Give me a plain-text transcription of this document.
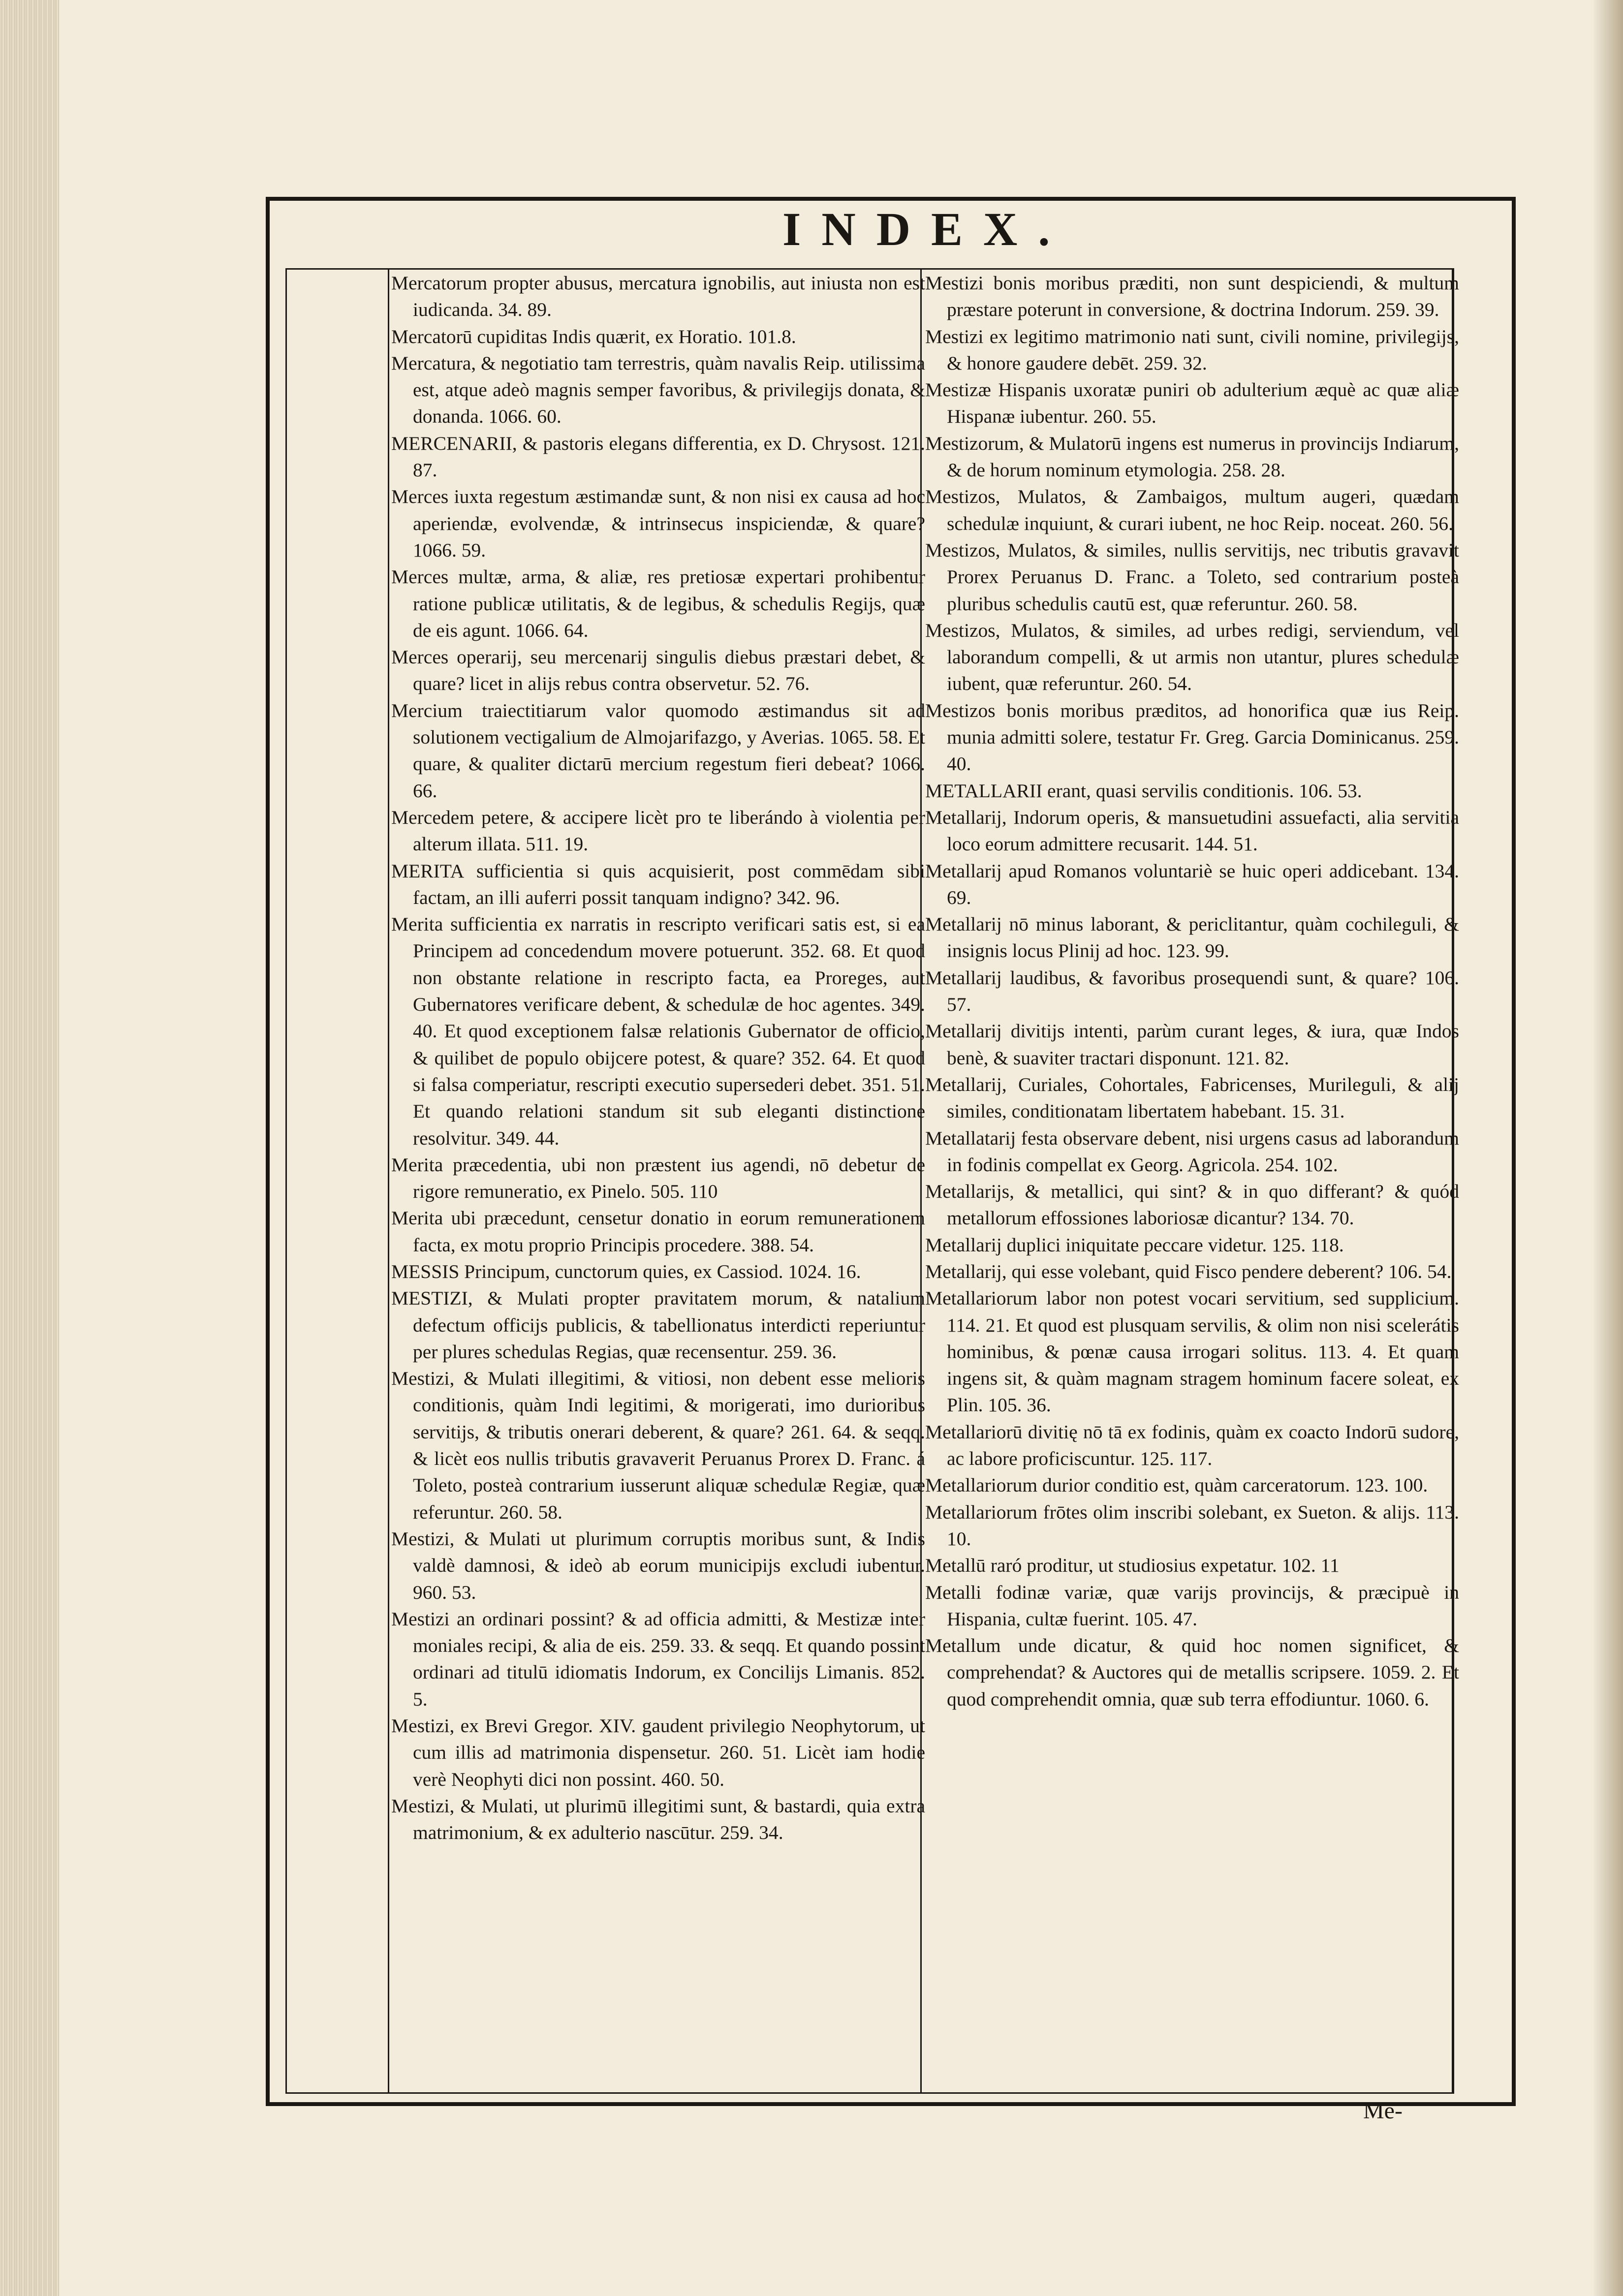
INDEX.

Mercatorum propter abusus, mercatura ignobilis, aut iniusta non est iudicanda. 34. 89.

Mercatorū cupiditas Indis quærit, ex Horatio. 101.8.

Mercatura, & negotiatio tam terrestris, quàm navalis Reip. utilissima est, atque adeò magnis semper favoribus, & privilegijs donata, & donanda. 1066. 60.

MERCENARII, & pastoris elegans differentia, ex D. Chrysost. 121. 87.

Merces iuxta regestum æstimandæ sunt, & non nisi ex causa ad hoc aperiendæ, evolvendæ, & intrinsecus inspiciendæ, & quare? 1066. 59.

Merces multæ, arma, & aliæ, res pretiosæ expertari prohibentur ratione publicæ utilitatis, & de legibus, & schedulis Regijs, quæ de eis agunt. 1066. 64.

Merces operarij, seu mercenarij singulis diebus præstari debet, & quare? licet in alijs rebus contra observetur. 52. 76.

Mercium traiectitiarum valor quomodo æstimandus sit ad solutionem vectigalium de Almojarifazgo, y Averias. 1065. 58. Et quare, & qualiter dictarū mercium regestum fieri debeat? 1066. 66.

Mercedem petere, & accipere licèt pro te liberándo à violentia per alterum illata. 511. 19.

MERITA sufficientia si quis acquisierit, post commēdam sibi factam, an illi auferri possit tanquam indigno? 342. 96.

Merita sufficientia ex narratis in rescripto verificari satis est, si ea Principem ad concedendum movere potuerunt. 352. 68. Et quod non obstante relatione in rescripto facta, ea Proreges, aut Gubernatores verificare debent, & schedulæ de hoc agentes. 349. 40. Et quod exceptionem falsæ relationis Gubernator de officio, & quilibet de populo obijcere potest, & quare? 352. 64. Et quod si falsa comperiatur, rescripti executio supersederi debet. 351. 51. Et quando relationi standum sit sub eleganti distinctione resolvitur. 349. 44.

Merita præcedentia, ubi non præstent ius agendi, nō debetur de rigore remuneratio, ex Pinelo. 505. 110

Merita ubi præcedunt, censetur donatio in eorum remunerationem facta, ex motu proprio Principis procedere. 388. 54.

MESSIS Principum, cunctorum quies, ex Cassiod. 1024. 16.

MESTIZI, & Mulati propter pravitatem morum, & natalium defectum officijs publicis, & tabellionatus interdicti reperiuntur per plures schedulas Regias, quæ recensentur. 259. 36.

Mestizi, & Mulati illegitimi, & vitiosi, non debent esse melioris conditionis, quàm Indi legitimi, & morigerati, imo durioribus servitijs, & tributis onerari deberent, & quare? 261. 64. & seqq. & licèt eos nullis tributis gravaverit Peruanus Prorex D. Franc. á Toleto, posteà contrarium iusserunt aliquæ schedulæ Regiæ, quæ referuntur. 260. 58.

Mestizi, & Mulati ut plurimum corruptis moribus sunt, & Indis valdè damnosi, & ideò ab eorum municipijs excludi iubentur. 960. 53.

Mestizi an ordinari possint? & ad officia admitti, & Mestizæ inter moniales recipi, & alia de eis. 259. 33. & seqq. Et quando possint ordinari ad titulū idiomatis Indorum, ex Concilijs Limanis. 852. 5.

Mestizi, ex Brevi Gregor. XIV. gaudent privilegio Neophytorum, ut cum illis ad matrimonia dispensetur. 260. 51. Licèt iam hodie verè Neophyti dici non possint. 460. 50.

Mestizi, & Mulati, ut plurimū illegitimi sunt, & bastardi, quia extra matrimonium, & ex adulterio nascūtur. 259. 34.

Mestizi bonis moribus præditi, non sunt despiciendi, & multum præstare poterunt in conversione, & doctrina Indorum. 259. 39.

Mestizi ex legitimo matrimonio nati sunt, civili nomine, privilegijs, & honore gaudere debēt. 259. 32.

Mestizæ Hispanis uxoratæ puniri ob adulterium æquè ac quæ aliæ Hispanæ iubentur. 260. 55.

Mestizorum, & Mulatorū ingens est numerus in provincijs Indiarum, & de horum nominum etymologia. 258. 28.

Mestizos, Mulatos, & Zambaigos, multum augeri, quædam schedulæ inquiunt, & curari iubent, ne hoc Reip. noceat. 260. 56.

Mestizos, Mulatos, & similes, nullis servitijs, nec tributis gravavit Prorex Peruanus D. Franc. a Toleto, sed contrarium posteà pluribus schedulis cautū est, quæ referuntur. 260. 58.

Mestizos, Mulatos, & similes, ad urbes redigi, serviendum, vel laborandum compelli, & ut armis non utantur, plures schedulæ iubent, quæ referuntur. 260. 54.

Mestizos bonis moribus præditos, ad honorifica quæ ius Reip. munia admitti solere, testatur Fr. Greg. Garcia Dominicanus. 259. 40.

METALLARII erant, quasi servilis conditionis. 106. 53.

Metallarij, Indorum operis, & mansuetudini assuefacti, alia servitia loco eorum admittere recusarit. 144. 51.

Metallarij apud Romanos voluntariè se huic operi addicebant. 134. 69.

Metallarij nō minus laborant, & periclitantur, quàm cochileguli, & insignis locus Plinij ad hoc. 123. 99.

Metallarij laudibus, & favoribus prosequendi sunt, & quare? 106. 57.

Metallarij divitijs intenti, parùm curant leges, & iura, quæ Indos benè, & suaviter tractari disponunt. 121. 82.

Metallarij, Curiales, Cohortales, Fabricenses, Murileguli, & alij similes, conditionatam libertatem habebant. 15. 31.

Metallatarij festa observare debent, nisi urgens casus ad laborandum in fodinis compellat ex Georg. Agricola. 254. 102.

Metallarijs, & metallici, qui sint? & in quo differant? & quód metallorum effossiones laboriosæ dicantur? 134. 70.

Metallarij duplici iniquitate peccare videtur. 125. 118.

Metallarij, qui esse volebant, quid Fisco pendere deberent? 106. 54.

Metallariorum labor non potest vocari servitium, sed supplicium. 114. 21. Et quod est plusquam servilis, & olim non nisi scelerátis hominibus, & pœnæ causa irrogari solitus. 113. 4. Et quam ingens sit, & quàm magnam stragem hominum facere soleat, ex Plin. 105. 36.

Metallariorū divitię nō tā ex fodinis, quàm ex coacto Indorū sudore, ac labore proficiscuntur. 125. 117.

Metallariorum durior conditio est, quàm carceratorum. 123. 100.

Metallariorum frōtes olim inscribi solebant, ex Sueton. & alijs. 113. 10.

Metallū raró proditur, ut studiosius expetatur. 102. 11

Metalli fodinæ variæ, quæ varijs provincijs, & præcipuè in Hispania, cultæ fuerint. 105. 47.

Metallum unde dicatur, & quid hoc nomen significet, & comprehendat? & Auctores qui de metallis scripsere. 1059. 2. Et quod comprehendit omnia, quæ sub terra effodiuntur. 1060. 6.

Me-
